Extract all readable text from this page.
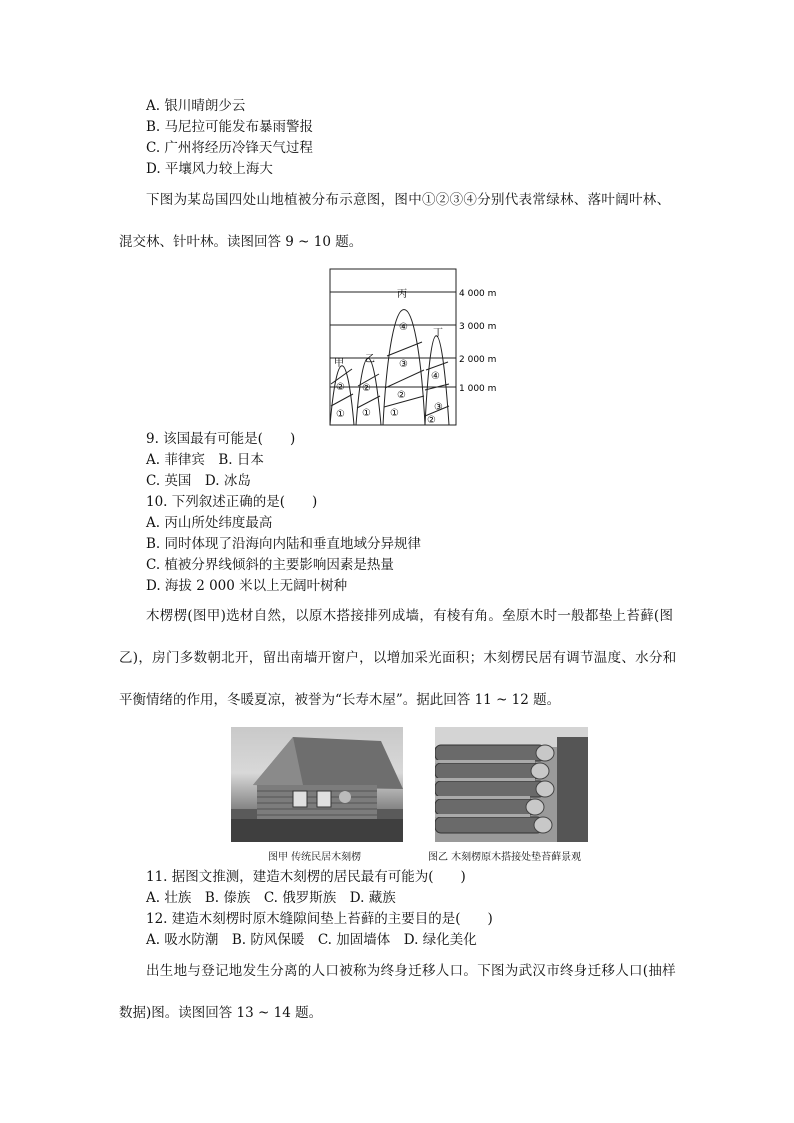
A. 银川晴朗少云
B. 马尼拉可能发布暴雨警报
C. 广州将经历冷锋天气过程
D. 平壤风力较上海大
下图为某岛国四处山地植被分布示意图，图中①②③④分别代表常绿林、落叶阔叶林、
混交林、针叶林。读图回答 9 ~ 10 题。
4 000 m
3 000 m
2 000 m
1 000 m
甲 乙
丙
丁
②
①
②
①
④
③
②
①
④
③
②
9. 该国最有可能是(　　)
A. 菲律宾　B. 日本
C. 英国　D. 冰岛
10. 下列叙述正确的是(　　)
A. 丙山所处纬度最高
B. 同时体现了沿海向内陆和垂直地域分异规律
C. 植被分界线倾斜的主要影响因素是热量
D. 海拔 2 000 米以上无阔叶树种
木楞楞(图甲)选材自然，以原木搭接排列成墙，有棱有角。垒原木时一般都垫上苔藓(图
乙)，房门多数朝北开，留出南墙开窗户，以增加采光面积；木刻楞民居有调节温度、水分和
平衡情绪的作用，冬暖夏凉，被誉为“长寿木屋”。据此回答 11 ~ 12 题。
图甲 传统民居木刻楞	图乙 木刻楞原木搭接处垫苔藓景观
11. 据图文推测，建造木刻楞的居民最有可能为(　　)
A. 壮族　B. 傣族　C. 俄罗斯族　D. 藏族
12. 建造木刻楞时原木缝隙间垫上苔藓的主要目的是(　　)
A. 吸水防潮　B. 防风保暖　C. 加固墙体　D. 绿化美化
出生地与登记地发生分离的人口被称为终身迁移人口。下图为武汉市终身迁移人口(抽样
数据)图。读图回答 13 ~ 14 题。
